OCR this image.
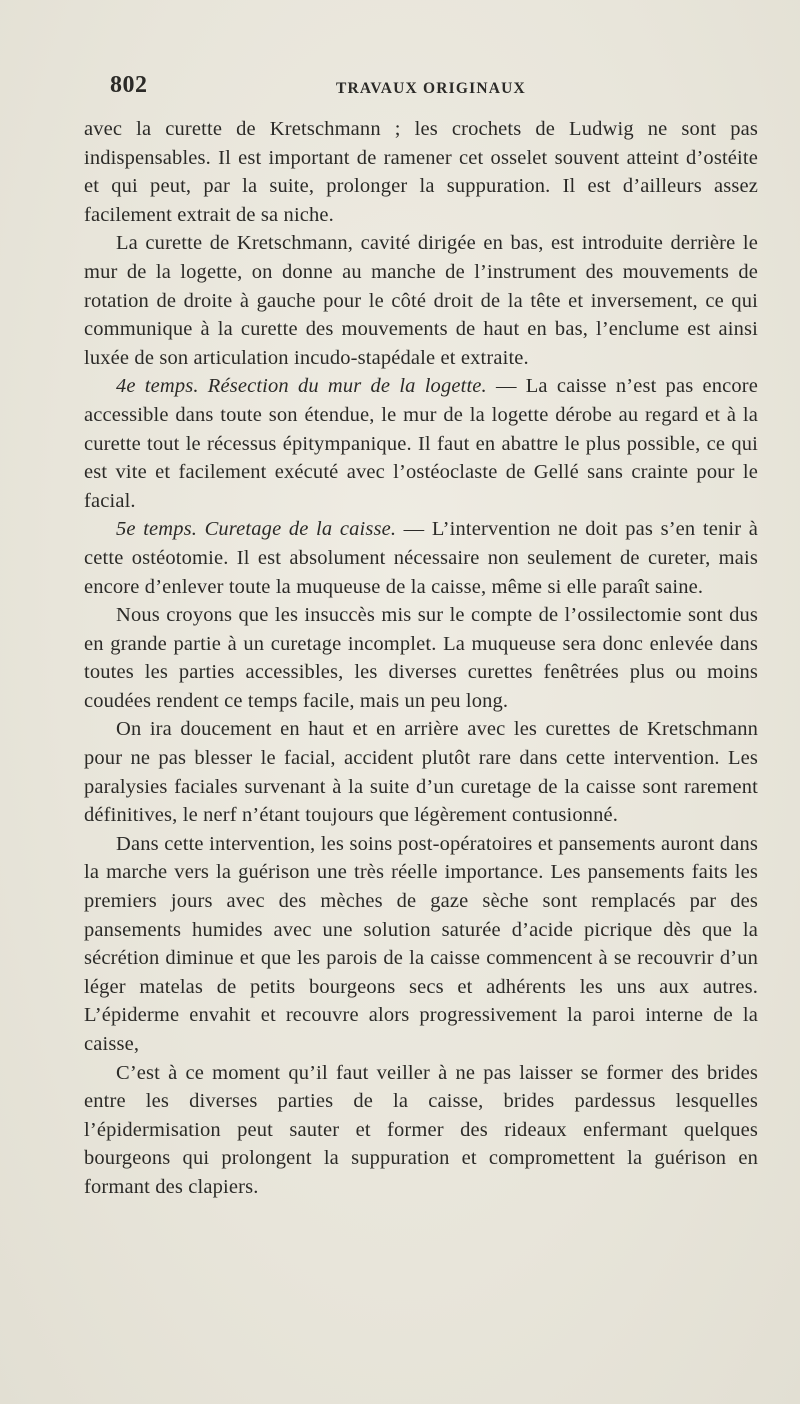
802	TRAVAUX ORIGINAUX

avec la curette de Kretschmann ; les crochets de Ludwig ne sont pas indispensables. Il est important de ramener cet osselet souvent atteint d’ostéite et qui peut, par la suite, prolonger la suppuration. Il est d’ailleurs assez facilement extrait de sa niche.

La curette de Kretschmann, cavité dirigée en bas, est introduite derrière le mur de la logette, on donne au manche de l’instrument des mouvements de rotation de droite à gauche pour le côté droit de la tête et inversement, ce qui communique à la curette des mouvements de haut en bas, l’enclume est ainsi luxée de son articulation incudo-stapédale et extraite.

4e temps. Résection du mur de la logette. — La caisse n’est pas encore accessible dans toute son étendue, le mur de la logette dérobe au regard et à la curette tout le récessus épitympanique. Il faut en abattre le plus possible, ce qui est vite et facilement exécuté avec l’ostéoclaste de Gellé sans crainte pour le facial.

5e temps. Curetage de la caisse. — L’intervention ne doit pas s’en tenir à cette ostéotomie. Il est absolument nécessaire non seulement de cureter, mais encore d’enlever toute la muqueuse de la caisse, même si elle paraît saine.

Nous croyons que les insuccès mis sur le compte de l’ossilectomie sont dus en grande partie à un curetage incomplet. La muqueuse sera donc enlevée dans toutes les parties accessibles, les diverses curettes fenêtrées plus ou moins coudées rendent ce temps facile, mais un peu long.

On ira doucement en haut et en arrière avec les curettes de Kretschmann pour ne pas blesser le facial, accident plutôt rare dans cette intervention. Les paralysies faciales survenant à la suite d’un curetage de la caisse sont rarement définitives, le nerf n’étant toujours que légèrement contusionné.

Dans cette intervention, les soins post-opératoires et pansements auront dans la marche vers la guérison une très réelle importance. Les pansements faits les premiers jours avec des mèches de gaze sèche sont remplacés par des pansements humides avec une solution saturée d’acide picrique dès que la sécrétion diminue et que les parois de la caisse commencent à se recouvrir d’un léger matelas de petits bourgeons secs et adhérents les uns aux autres. L’épiderme envahit et recouvre alors progressivement la paroi interne de la caisse,

C’est à ce moment qu’il faut veiller à ne pas laisser se former des brides entre les diverses parties de la caisse, brides pardessus lesquelles l’épidermisation peut sauter et former des rideaux enfermant quelques bourgeons qui prolongent la suppuration et compromettent la guérison en formant des clapiers.
